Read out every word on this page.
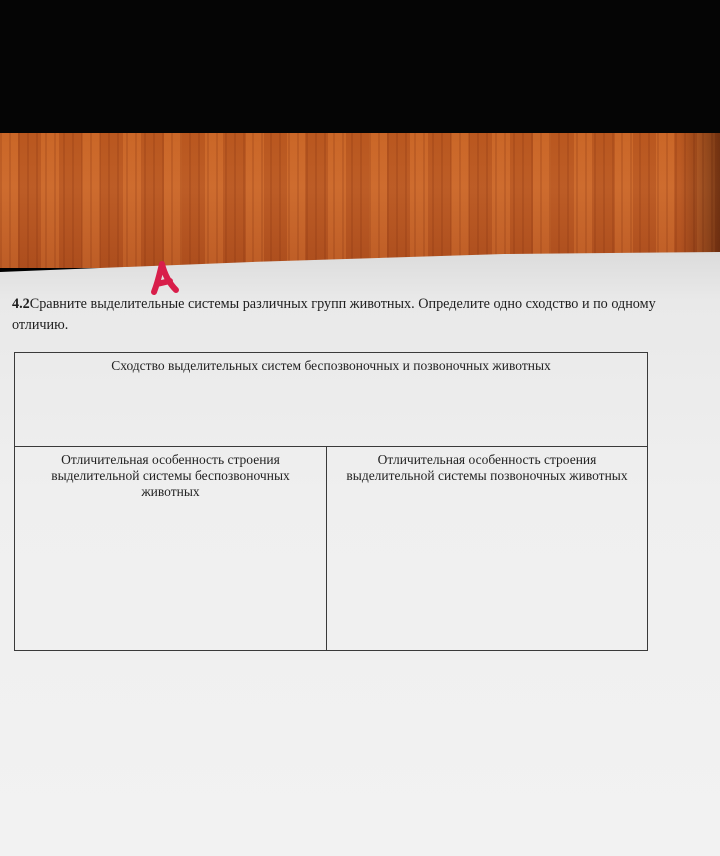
4.2Сравните выделительные системы различных групп животных. Определите одно сходство и по одному отличию.
Сходство выделительных систем беспозвоночных и позвоночных животных
Отличительная особенность строения выделительной системы беспозвоночных животных
Отличительная особенность строения выделительной системы позвоночных животных
